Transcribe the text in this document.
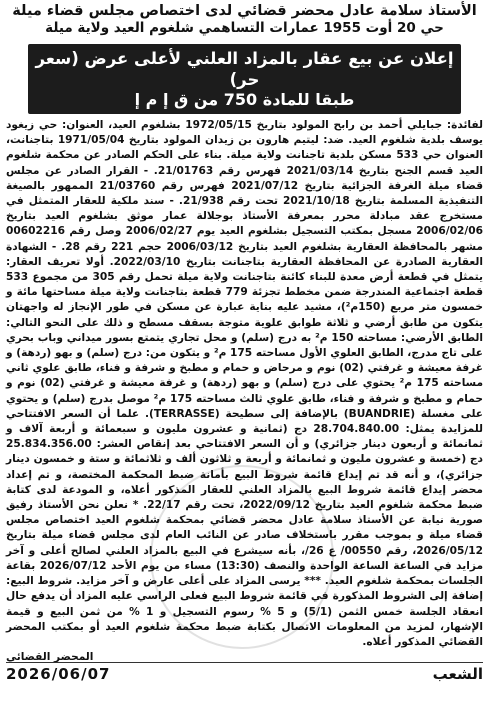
الأستاذ سلامة عادل محضر قضائي لدى اختصاص مجلس قضاء ميلة
حي 20 أوت 1955 عمارات التساهمي شلغوم العيد ولاية ميلة
إعلان عن بيع عقار بالمزاد العلني لأعلى عرض (سعر حر)
طبقا للمادة 750 من ق إ م إ

لفائدة: جبايلي أحمد بن رابح المولود بتاريخ 1972/05/15 بشلغوم العيد، العنوان: حي زيغود يوسف بلدية شلغوم العيد. ضد: ليتيم هارون بن زيدان المولود بتاريخ 1971/05/04 بتاجنانت، العنوان حي 533 مسكن بلدية تاجنانت ولاية ميلة. بناء على الحكم الصادر عن محكمة شلغوم العيد قسم الجنح بتاريخ 2021/03/14 فهرس رقم 21/01763. - القرار الصادر عن مجلس قضاء ميلة الغرفة الجزائية بتاريخ 2021/07/12 فهرس رقم 21/03760 الممهور بالصيغة التنفيذية المسلمة بتاريخ 2021/10/18 تحت رقم 21/938. - سند ملكية للعقار المتمثل في مستخرج عقد مبادلة محرر بمعرفة الأستاذ بوجلالة عمار موثق بشلغوم العيد بتاريخ 2006/02/06 مسجل بمكتب التسجيل بشلغوم العيد يوم 2006/02/27 وصل رقم 00602216 مشهر بالمحافظة العقارية بشلغوم العيد بتاريخ 2006/03/12 حجم 221 رقم 28. - الشهادة العقارية الصادرة عن المحافظة العقارية بتاجنانت بتاريخ 2022/03/10. أولا تعريف العقار: يتمثل في قطعة أرض معدة للبناء كائنة بتاجنانت ولاية ميلة تحمل رقم 305 من مجموع 533 قطعة اجتماعية المندرجة ضمن مخطط تجزئة 779 قطعة بتاجنانت ولاية ميلة مساحتها مائة و خمسون متر مربع (150م²)، مشيد عليه بناية عبارة عن مسكن في طور الإنجاز له واجهتان يتكون من طابق أرضي و ثلاثة طوابق علوية متوجة بسقف مسطح و ذلك على النحو التالي: الطابق الأرضي: مساحته 150 م² به درج (سلم) و محل تجاري يتمتع بسور ميداني وباب بحري على تاج مدرج، الطابق العلوي الأول مساحته 175 م² و يتكون من: درج (سلم) و بهو (ردهة) و غرفة معيشة و غرفتي (02) نوم و مرحاض و حمام و مطبخ و شرفة و فناء، طابق علوي ثاني مساحته 175 م² يحتوي على درج (سلم) و بهو (ردهة) و غرفة معيشة و غرفتي (02) نوم و حمام و مطبخ و شرفة و فناء، طابق علوي ثالث مساحته 175 م² موصل بدرج (سلم) و يحتوي على مغسلة (BUANDRIE) بالإضافة إلى سطيحة (TERRASSE). علما أن السعر الافتتاحي للمزايدة يمثل: 28.704.840.00 دج (ثمانية و عشرون مليون و سبعمائة و أربعة آلاف و ثمانمائة و أربعون دينار جزائري) و أن السعر الافتتاحي بعد إنقاص العشر: 25.834.356.00 دج (خمسة و عشرون مليون و ثمانمائة و أربعة و ثلاثون ألف و ثلاثمائة و ستة و خمسون دينار جزائري)، و أنه قد تم إيداع قائمة شروط البيع بأمانة ضبط المحكمة المختصة، و تم إعداد محضر إيداع قائمة شروط البيع بالمزاد العلني للعقار المذكور أعلاه، و المودعة لدى كتابة ضبط محكمة شلغوم العيد بتاريخ 2022/09/12، تحت رقم 22/17. * نعلن نحن الأستاذ رفيق صورية نيابة عن الأستاذ سلامة عادل محضر قضائي بمحكمة شلغوم العيد اختصاص مجلس قضاء ميلة و بموجب مقرر باستخلاف صادر عن النائب العام لدى مجلس قضاء ميلة بتاريخ 2026/05/12، رقم 00550/ ع 26/، بأنه سيشرع في البيع بالمزاد العلني لصالح أعلى و آخر مزايد في الساعة الساعة الواحدة والنصف (13:30) مساء من يوم الأحد 2026/07/12 بقاعة الجلسات بمحكمة شلغوم العيد. *** يرسى المزاد على أعلى عارض و آخر مزايد. شروط البيع: إضافة إلى الشروط المذكورة في قائمة شروط البيع فعلى الراسي عليه المزاد أن يدفع حال انعقاد الجلسة خمس الثمن (5/1) و 5 % رسوم التسجيل و 1 % من ثمن البيع و قيمة الإشهار، لمزيد من المعلومات الاتصال بكتابة ضبط محكمة شلغوم العيد أو بمكتب المحضر القضائي المذكور أعلاه.

المحضر القضائي
الشعب
2026/06/07
